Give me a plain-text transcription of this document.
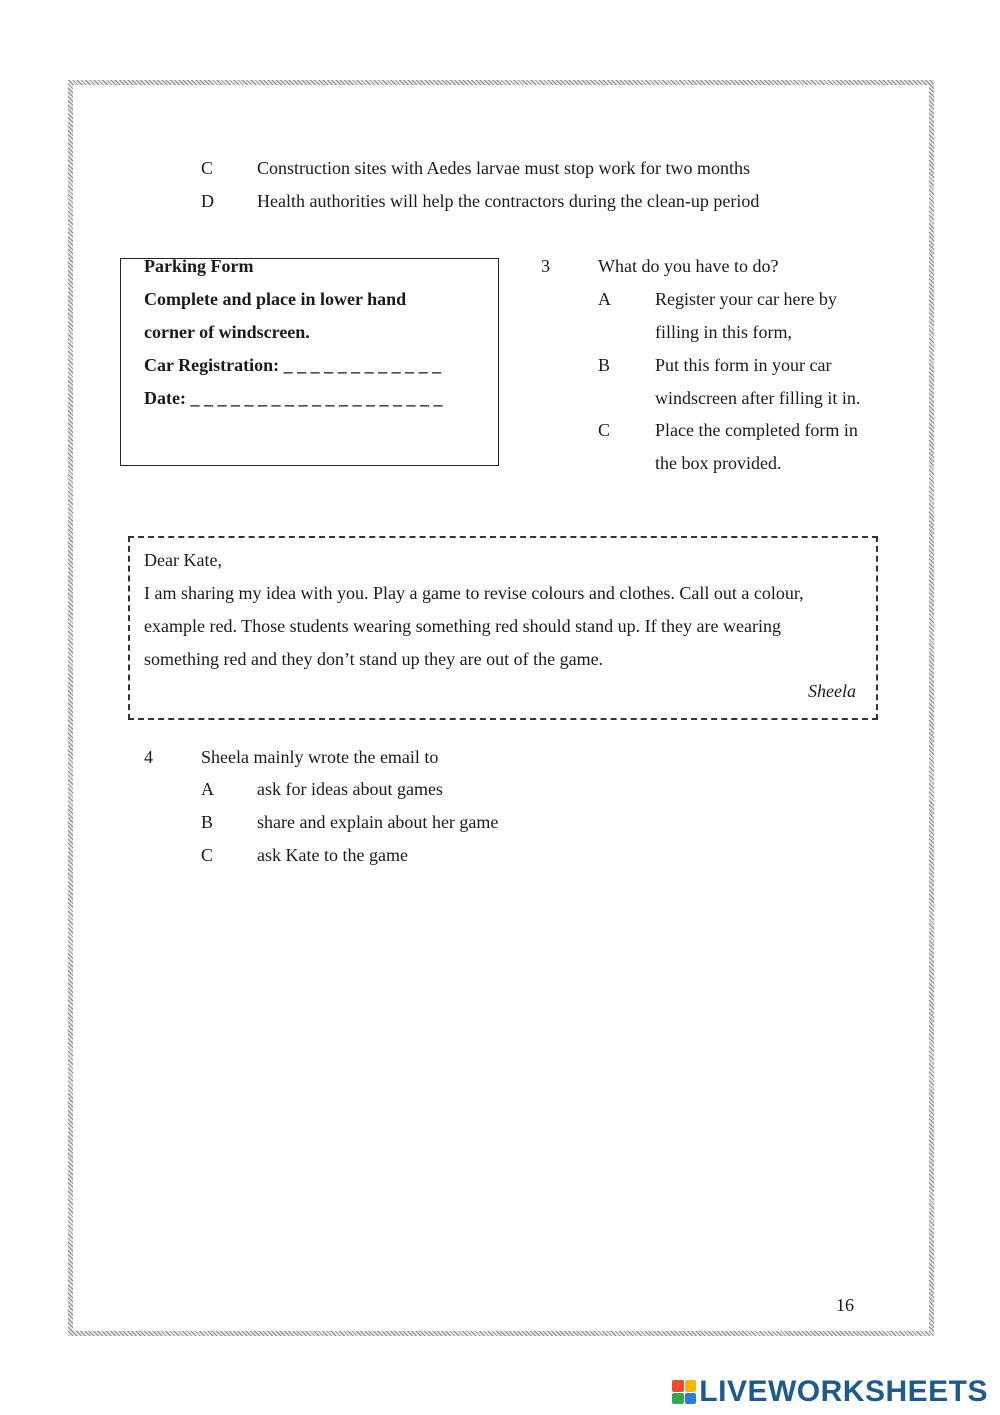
C Construction sites with Aedes larvae must stop work for two months
D Health authorities will help the contractors during the clean-up period
Parking Form
Complete and place in lower hand
corner of windscreen.
Car Registration: _ _ _ _ _ _ _ _ _ _ _ _
Date: _ _ _ _ _ _ _ _ _ _ _ _ _ _ _ _ _ _ _
3	What do you have to do?
A Register your car here by
filling in this form,
B Put this form in your car
windscreen after filling it in.
C Place the completed form in
the box provided.
Dear Kate,
I am sharing my idea with you. Play a game to revise colours and clothes. Call out a colour,
example red. Those students wearing something red should stand up. If they are wearing
something red and they don’t stand up they are out of the game.
Sheela
4	Sheela mainly wrote the email to
A ask for ideas about games
B share and explain about her game
C ask Kate to the game
16
LIVEWORKSHEETS
